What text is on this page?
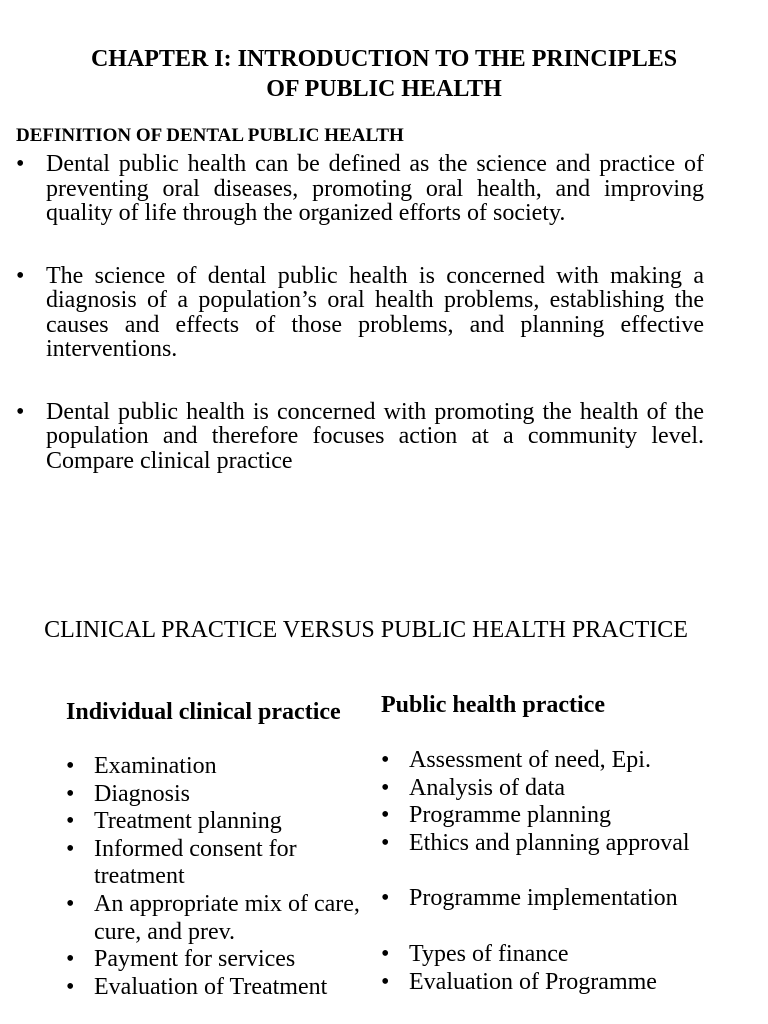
CHAPTER I: INTRODUCTION TO THE PRINCIPLES
OF PUBLIC HEALTH
DEFINITION OF DENTAL PUBLIC HEALTH
• Dental public health can be defined as the science and practice of preventing oral diseases, promoting oral health, and improving quality of life through the organized efforts of society.
• The science of dental public health is concerned with making a diagnosis of a population’s oral health problems, establishing the causes and effects of those problems, and planning effective interventions.
• Dental public health is concerned with promoting the health of the population and therefore focuses action at a community level. Compare clinical practice
CLINICAL PRACTICE VERSUS PUBLIC HEALTH PRACTICE
Individual clinical practice Public health practice
• Examination
• Diagnosis
• Treatment planning
• Informed consent for treatment
• An appropriate mix of care, cure, and prev.
• Payment for services
• Evaluation of Treatment
• Assessment of need, Epi.
• Analysis of data
• Programme planning
• Ethics and planning approval
• Programme implementation
• Types of finance
• Evaluation of Programme
